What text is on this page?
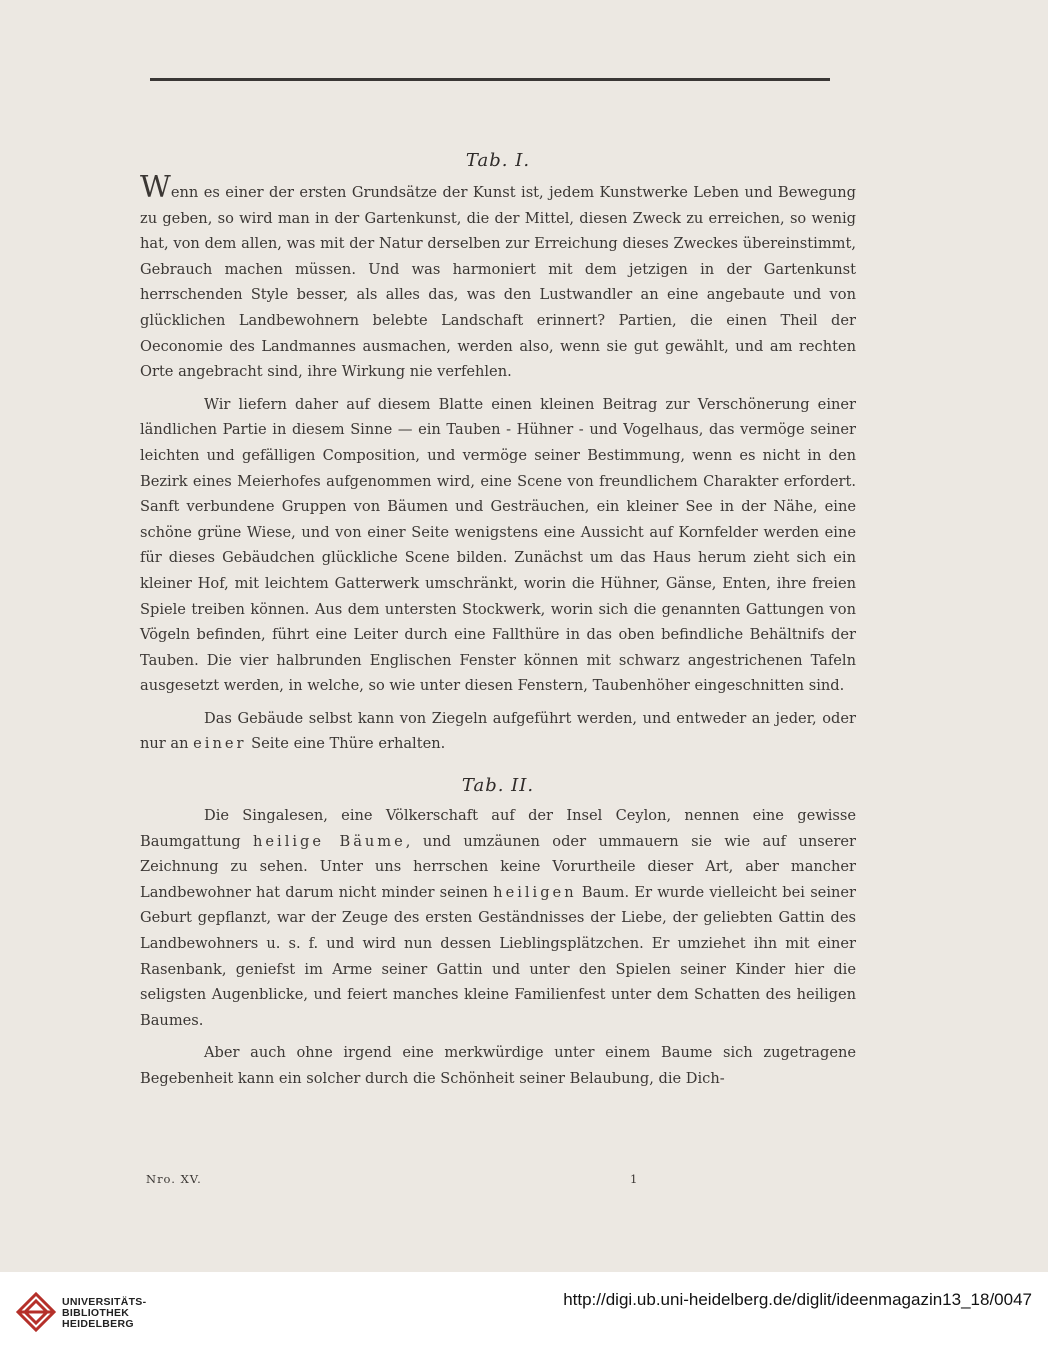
Tab. I.

Wenn es einer der ersten Grundsätze der Kunst ist, jedem Kunstwerke Leben und Bewegung zu geben, so wird man in der Gartenkunst, die der Mittel, diesen Zweck zu erreichen, so wenig hat, von dem allen, was mit der Natur derselben zur Erreichung dieses Zweckes übereinstimmt, Gebrauch machen müssen. Und was harmoniert mit dem jetzigen in der Gartenkunst herrschenden Style besser, als alles das, was den Lustwandler an eine angebaute und von glücklichen Landbewohnern belebte Landschaft erinnert? Partien, die einen Theil der Oeconomie des Landmannes ausmachen, werden also, wenn sie gut gewählt, und am rechten Orte angebracht sind, ihre Wirkung nie verfehlen.

Wir liefern daher auf diesem Blatte einen kleinen Beitrag zur Verschönerung einer ländlichen Partie in diesem Sinne — ein Tauben - Hühner - und Vogelhaus, das vermöge seiner leichten und gefälligen Composition, und vermöge seiner Bestimmung, wenn es nicht in den Bezirk eines Meierhofes aufgenommen wird, eine Scene von freundlichem Charakter erfordert. Sanft verbundene Gruppen von Bäumen und Gesträuchen, ein kleiner See in der Nähe, eine schöne grüne Wiese, und von einer Seite wenigstens eine Aussicht auf Kornfelder werden eine für dieses Gebäudchen glückliche Scene bilden. Zunächst um das Haus herum zieht sich ein kleiner Hof, mit leichtem Gatterwerk umschränkt, worin die Hühner, Gänse, Enten, ihre freien Spiele treiben können. Aus dem untersten Stockwerk, worin sich die genannten Gattungen von Vögeln befinden, führt eine Leiter durch eine Fallthüre in das oben befindliche Behältnifs der Tauben. Die vier halbrunden Englischen Fenster können mit schwarz angestrichenen Tafeln ausgesetzt werden, in welche, so wie unter diesen Fenstern, Taubenhöher eingeschnitten sind.

Das Gebäude selbst kann von Ziegeln aufgeführt werden, und entweder an jeder, oder nur an einer Seite eine Thüre erhalten.

Tab. II.

Die Singalesen, eine Völkerschaft auf der Insel Ceylon, nennen eine gewisse Baumgattung heilige Bäume, und umzäunen oder ummauern sie wie auf unserer Zeichnung zu sehen. Unter uns herrschen keine Vorurtheile dieser Art, aber mancher Landbewohner hat darum nicht minder seinen heiligen Baum. Er wurde vielleicht bei seiner Geburt gepflanzt, war der Zeuge des ersten Geständnisses der Liebe, der geliebten Gattin des Landbewohners u. s. f. und wird nun dessen Lieblingsplätzchen. Er umziehet ihn mit einer Rasenbank, geniefst im Arme seiner Gattin und unter den Spielen seiner Kinder hier die seligsten Augenblicke, und feiert manches kleine Familienfest unter dem Schatten des heiligen Baumes.

Aber auch ohne irgend eine merkwürdige unter einem Baume sich zugetragene Begebenheit kann ein solcher durch die Schönheit seiner Belaubung, die Dich-

Nro. XV.	1
UNIVERSITÄTS-
BIBLIOTHEK
HEIDELBERG
http://digi.ub.uni-heidelberg.de/diglit/ideenmagazin13_18/0047
